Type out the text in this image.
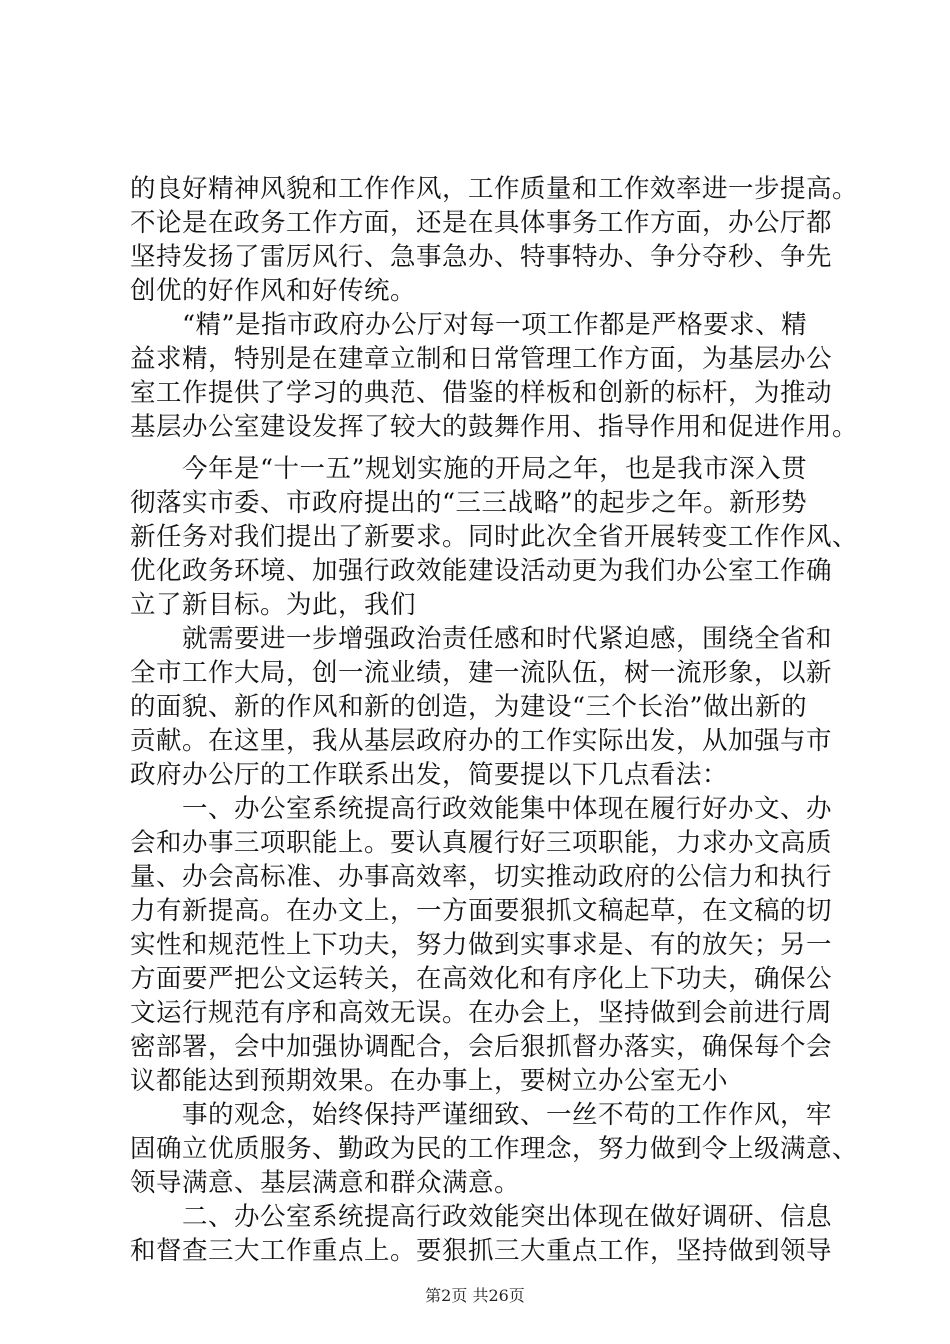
的良好精神风貌和工作作风，工作质量和工作效率进一步提高。
不论是在政务工作方面，还是在具体事务工作方面，办公厅都
坚持发扬了雷厉风行、急事急办、特事特办、争分夺秒、争先
创优的好作风和好传统。
“精”是指市政府办公厅对每一项工作都是严格要求、精
益求精，特别是在建章立制和日常管理工作方面，为基层办公
室工作提供了学习的典范、借鉴的样板和创新的标杆，为推动
基层办公室建设发挥了较大的鼓舞作用、指导作用和促进作用。
今年是“十一五”规划实施的开局之年，也是我市深入贯
彻落实市委、市政府提出的“三三战略”的起步之年。新形势
新任务对我们提出了新要求。同时此次全省开展转变工作作风、
优化政务环境、加强行政效能建设活动更为我们办公室工作确
立了新目标。为此，我们
就需要进一步增强政治责任感和时代紧迫感，围绕全省和
全市工作大局，创一流业绩，建一流队伍，树一流形象，以新
的面貌、新的作风和新的创造，为建设“三个长治”做出新的
贡献。在这里，我从基层政府办的工作实际出发，从加强与市
政府办公厅的工作联系出发，简要提以下几点看法：
一、办公室系统提高行政效能集中体现在履行好办文、办
会和办事三项职能上。要认真履行好三项职能，力求办文高质
量、办会高标准、办事高效率，切实推动政府的公信力和执行
力有新提高。在办文上，一方面要狠抓文稿起草，在文稿的切
实性和规范性上下功夫，努力做到实事求是、有的放矢；另一
方面要严把公文运转关，在高效化和有序化上下功夫，确保公
文运行规范有序和高效无误。在办会上，坚持做到会前进行周
密部署，会中加强协调配合，会后狠抓督办落实，确保每个会
议都能达到预期效果。在办事上，要树立办公室无小
事的观念，始终保持严谨细致、一丝不苟的工作作风，牢
固确立优质服务、勤政为民的工作理念，努力做到令上级满意、
领导满意、基层满意和群众满意。
二、办公室系统提高行政效能突出体现在做好调研、信息
和督查三大工作重点上。要狠抓三大重点工作，坚持做到领导
第2页 共26页
